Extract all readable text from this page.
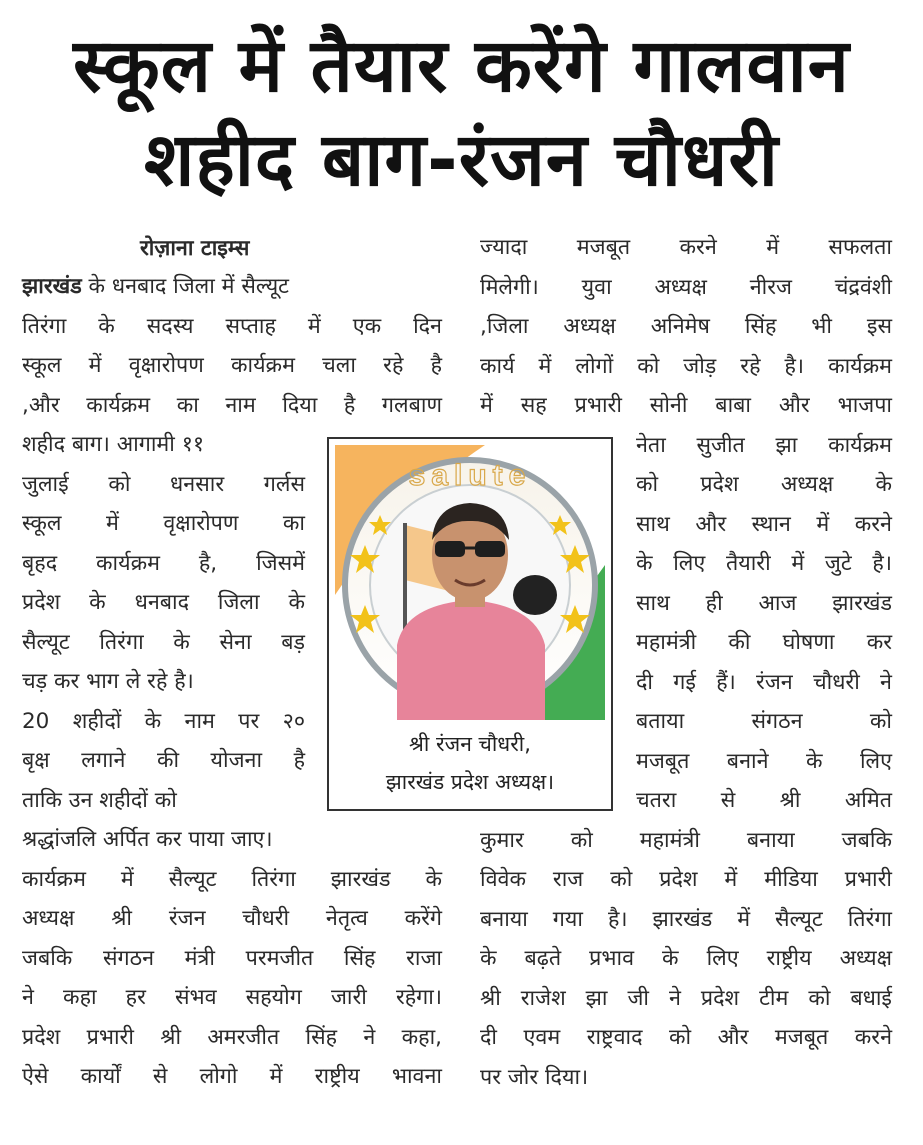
स्कूल में तैयार करेंगे गालवान
शहीद बाग-रंजन चौधरी
रोज़ाना टाइम्स
झारखंड के धनबाद जिला में सैल्यूट
तिरंगा के सदस्य सप्ताह में एक दिन
स्कूल में वृक्षारोपण कार्यक्रम चला रहे है
,और कार्यक्रम का नाम दिया है गलबाण
शहीद बाग। आगामी ११
जुलाई को धनसार गर्लस
स्कूल में वृक्षारोपण का
बृहद कार्यक्रम है, जिसमें
प्रदेश के धनबाद जिला के
सैल्यूट तिरंगा के सेना बड़
चड़ कर भाग ले रहे है।
20 शहीदों के नाम पर २०
बृक्ष लगाने की योजना है
ताकि उन शहीदों को
श्रद्धांजलि अर्पित कर पाया जाए।
कार्यक्रम में सैल्यूट तिरंगा झारखंड के
अध्यक्ष श्री रंजन चौधरी नेतृत्व करेंगे
जबकि संगठन मंत्री परमजीत सिंह राजा
ने कहा हर संभव सहयोग जारी रहेगा।
प्रदेश प्रभारी श्री अमरजीत सिंह ने कहा,
ऐसे कार्यों से लोगो में राष्ट्रीय भावना
ज्यादा मजबूत करने में सफलता
मिलेगी। युवा अध्यक्ष नीरज चंद्रवंशी
,जिला अध्यक्ष अनिमेष सिंह भी इस
कार्य में लोगों को जोड़ रहे है। कार्यक्रम
में सह प्रभारी सोनी बाबा और भाजपा
नेता सुजीत झा कार्यक्रम
को प्रदेश अध्यक्ष के
साथ और स्थान में करने
के लिए तैयारी में जुटे है।
साथ ही आज झारखंड
महामंत्री की घोषणा कर
दी गई हैं। रंजन चौधरी ने
बताया संगठन को
मजबूत बनाने के लिए
चतरा से श्री अमित
कुमार को महामंत्री बनाया जबकि
विवेक राज को प्रदेश में मीडिया प्रभारी
बनाया गया है। झारखंड में सैल्यूट तिरंगा
के बढ़ते प्रभाव के लिए राष्ट्रीय अध्यक्ष
श्री राजेश झा जी ने प्रदेश टीम को बधाई
दी एवम राष्ट्रवाद को और मजबूत करने
पर जोर दिया।
salute
श्री रंजन चौधरी,
झारखंड प्रदेश अध्यक्ष।
